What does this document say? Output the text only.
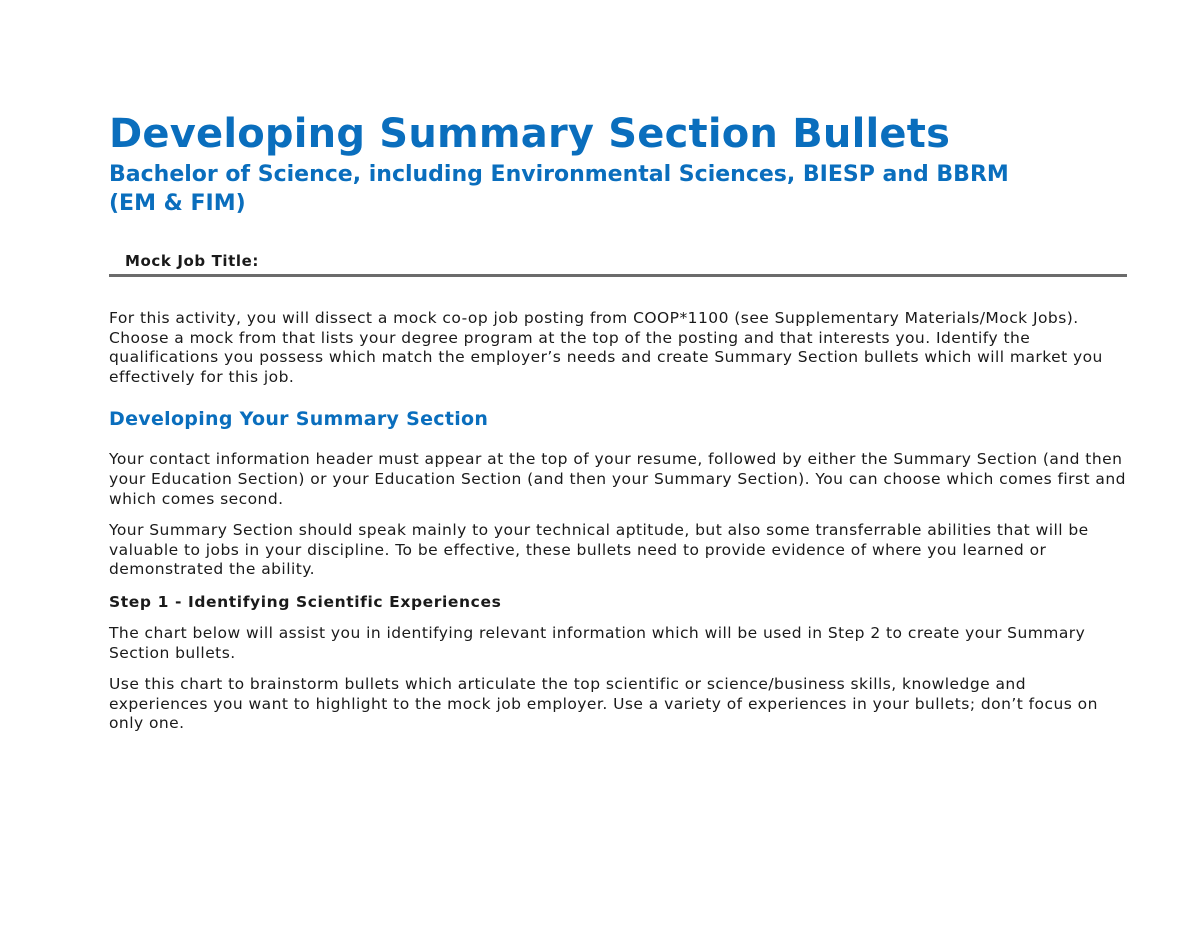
Developing Summary Section Bullets
Bachelor of Science, including Environmental Sciences, BIESP and BBRM (EM & FIM)
Mock Job Title:

For this activity, you will dissect a mock co-op job posting from COOP*1100 (see Supplementary Materials/Mock Jobs). Choose a mock from that lists your degree program at the top of the posting and that interests you. Identify the qualifications you possess which match the employer’s needs and create Summary Section bullets which will market you effectively for this job.

Developing Your Summary Section

Your contact information header must appear at the top of your resume, followed by either the Summary Section (and then your Education Section) or your Education Section (and then your Summary Section). You can choose which comes first and which comes second.

Your Summary Section should speak mainly to your technical aptitude, but also some transferrable abilities that will be valuable to jobs in your discipline. To be effective, these bullets need to provide evidence of where you learned or demonstrated the ability.

Step 1 - Identifying Scientific Experiences

The chart below will assist you in identifying relevant information which will be used in Step 2 to create your Summary Section bullets.

Use this chart to brainstorm bullets which articulate the top scientific or science/business skills, knowledge and experiences you want to highlight to the mock job employer. Use a variety of experiences in your bullets; don’t focus on only one.
